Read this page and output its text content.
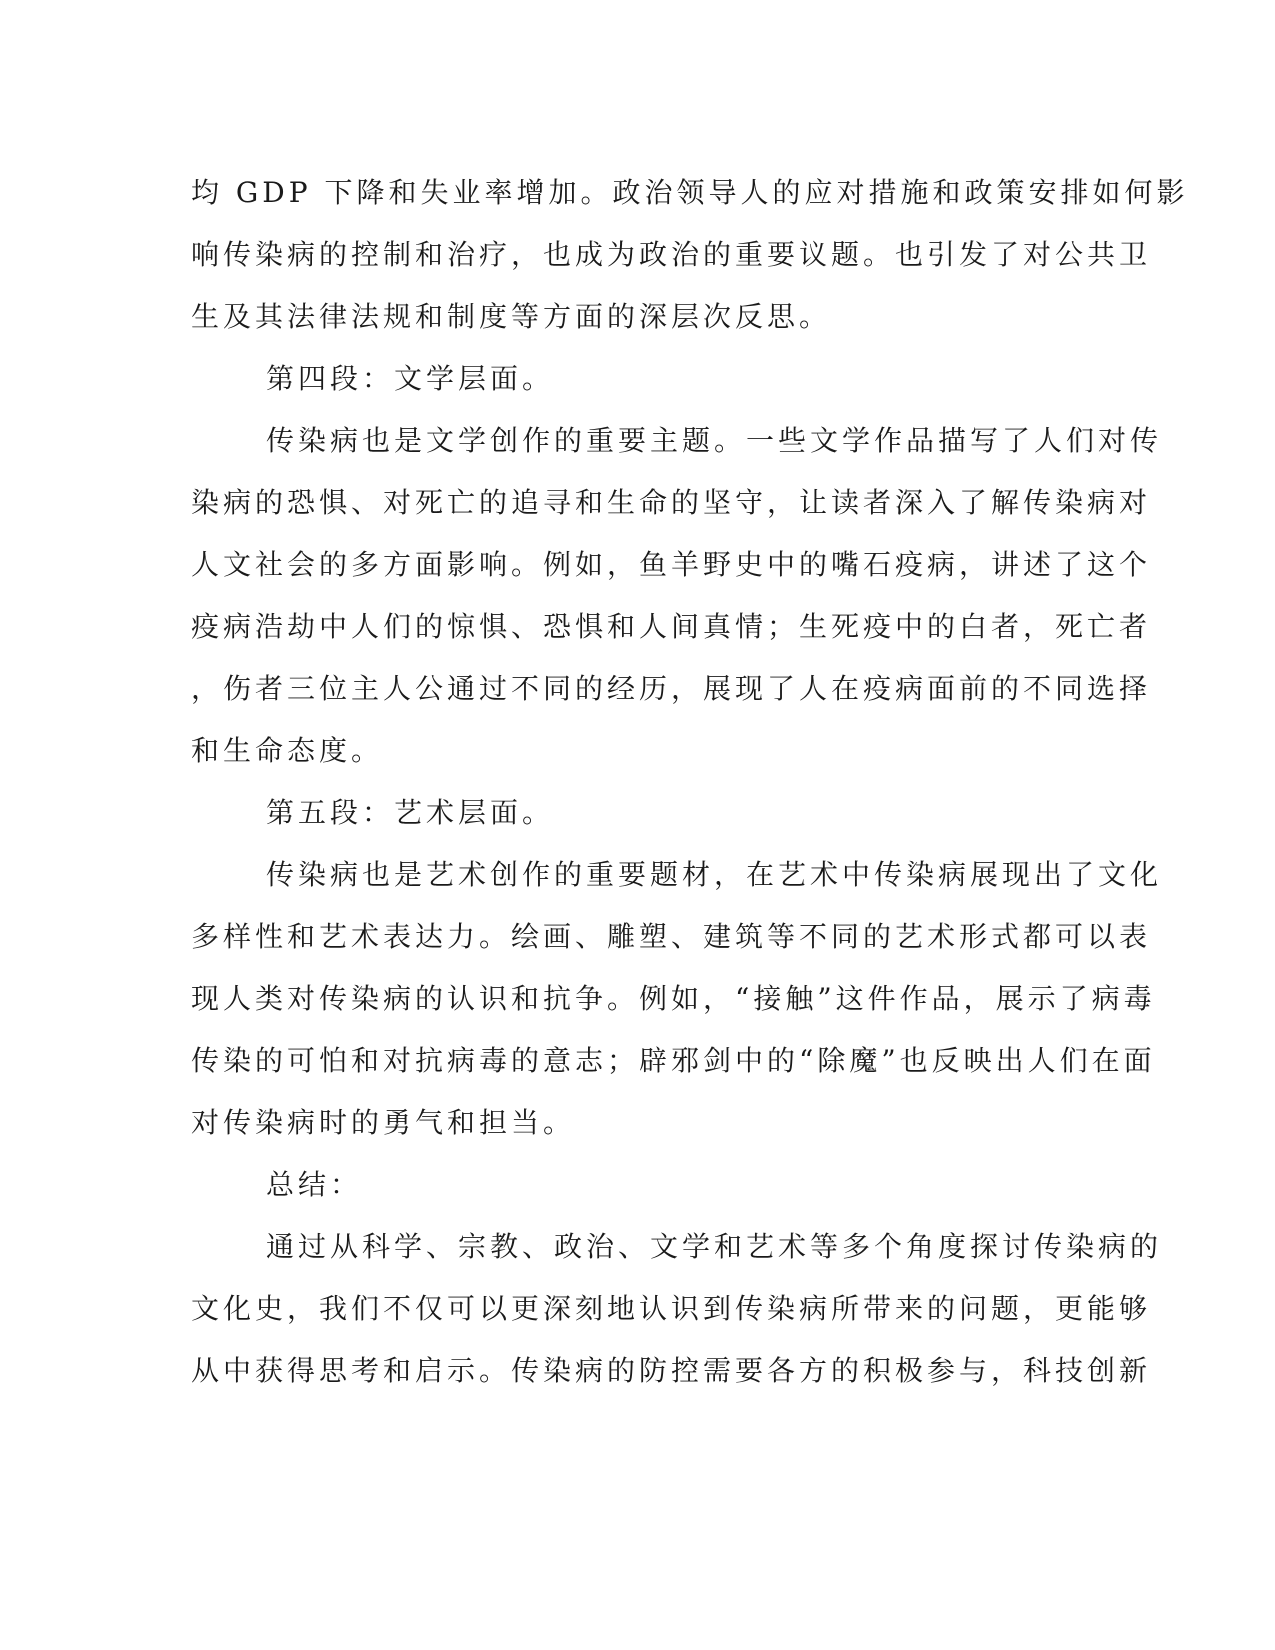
均 GDP 下降和失业率增加。政治领导人的应对措施和政策安排如何影
响传染病的控制和治疗，也成为政治的重要议题。也引发了对公共卫
生及其法律法规和制度等方面的深层次反思。
第四段：文学层面。
传染病也是文学创作的重要主题。一些文学作品描写了人们对传
染病的恐惧、对死亡的追寻和生命的坚守，让读者深入了解传染病对
人文社会的多方面影响。例如，鱼羊野史中的嘴石疫病，讲述了这个
疫病浩劫中人们的惊惧、恐惧和人间真情；生死疫中的白者，死亡者
，伤者三位主人公通过不同的经历，展现了人在疫病面前的不同选择
和生命态度。
第五段：艺术层面。
传染病也是艺术创作的重要题材，在艺术中传染病展现出了文化
多样性和艺术表达力。绘画、雕塑、建筑等不同的艺术形式都可以表
现人类对传染病的认识和抗争。例如，“接触”这件作品，展示了病毒
传染的可怕和对抗病毒的意志；辟邪剑中的“除魔”也反映出人们在面
对传染病时的勇气和担当。
总结：
通过从科学、宗教、政治、文学和艺术等多个角度探讨传染病的
文化史，我们不仅可以更深刻地认识到传染病所带来的问题，更能够
从中获得思考和启示。传染病的防控需要各方的积极参与，科技创新
